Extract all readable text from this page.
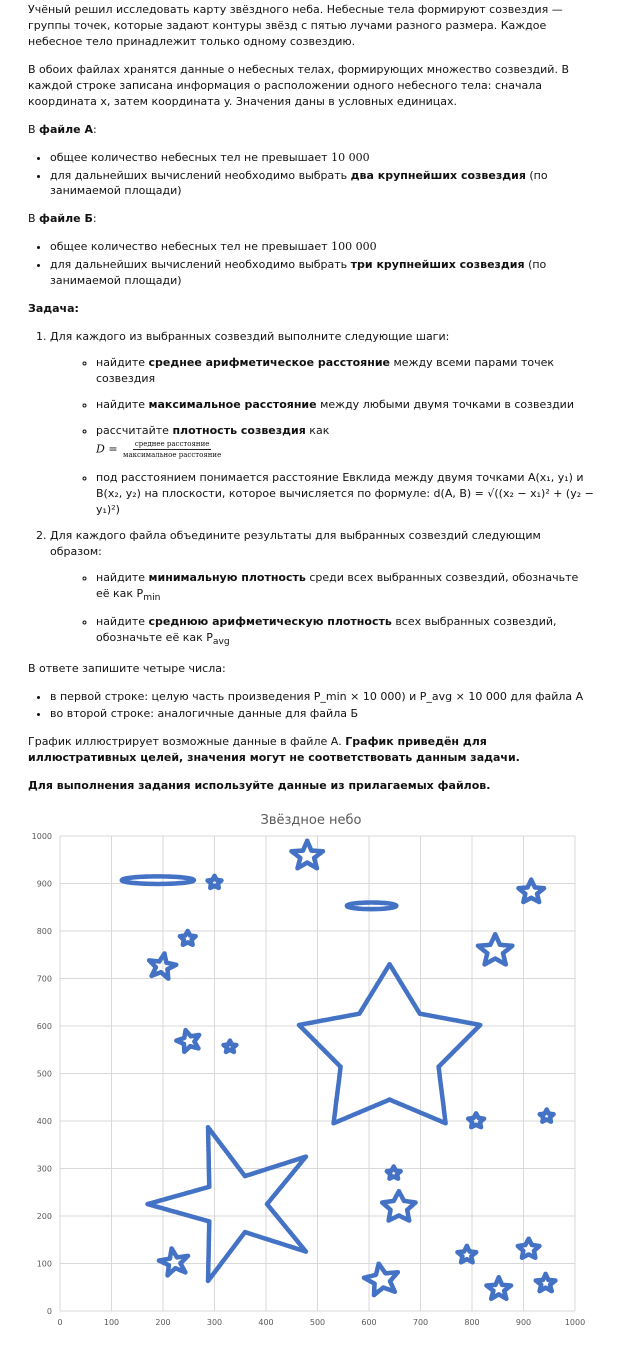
Учёный решил исследовать карту звёздного неба. Небесные тела формируют созвездия — группы точек, которые задают контуры звёзд с пятью лучами разного размера. Каждое небесное тело принадлежит только одному созвездию.

В обоих файлах хранятся данные о небесных телах, формирующих множество созвездий. В каждой строке записана информация о расположении одного небесного тела: сначала координата x, затем координата y. Значения даны в условных единицах.

В файле А:

• общее количество небесных тел не превышает 10 000
• для дальнейших вычислений необходимо выбрать два крупнейших созвездия (по занимаемой площади)

В файле Б:

• общее количество небесных тел не превышает 100 000
• для дальнейших вычислений необходимо выбрать три крупнейших созвездия (по занимаемой площади)

Задача:

1. Для каждого из выбранных созвездий выполните следующие шаги:
◦ найдите среднее арифметическое расстояние между всеми парами точек созвездия
◦ найдите максимальное расстояние между любыми двумя точками в созвездии
◦ рассчитайте плотность созвездия как
$D = \frac{\text{среднее расстояние}}{\text{максимальное расстояние}}$
◦ под расстоянием понимается расстояние Евклида между двумя точками A(x₁, y₁) и B(x₂, y₂) на плоскости, которое вычисляется по формуле: d(A, B) = √((x₂ − x₁)² + (y₂ − y₁)²)
2. Для каждого файла объедините результаты для выбранных созвездий следующим образом:
◦ найдите минимальную плотность среди всех выбранных созвездий, обозначьте её как $P_{min}$
◦ найдите среднюю арифметическую плотность всех выбранных созвездий, обозначьте её как $P_{avg}$

В ответе запишите четыре числа:

• в первой строке: целую часть произведения P_min × 10 000) и P_avg × 10 000 для файла А
• во второй строке: аналогичные данные для файла Б

График иллюстрирует возможные данные в файле А. График приведён для иллюстративных целей, значения могут не соответствовать данным задачи.

Для выполнения задания используйте данные из прилагаемых файлов.

Звёздное небо
0
100
200
300
400
500
600
700
800
900
1000
0	100	200	300	400	500	600	700	800	900	1000
